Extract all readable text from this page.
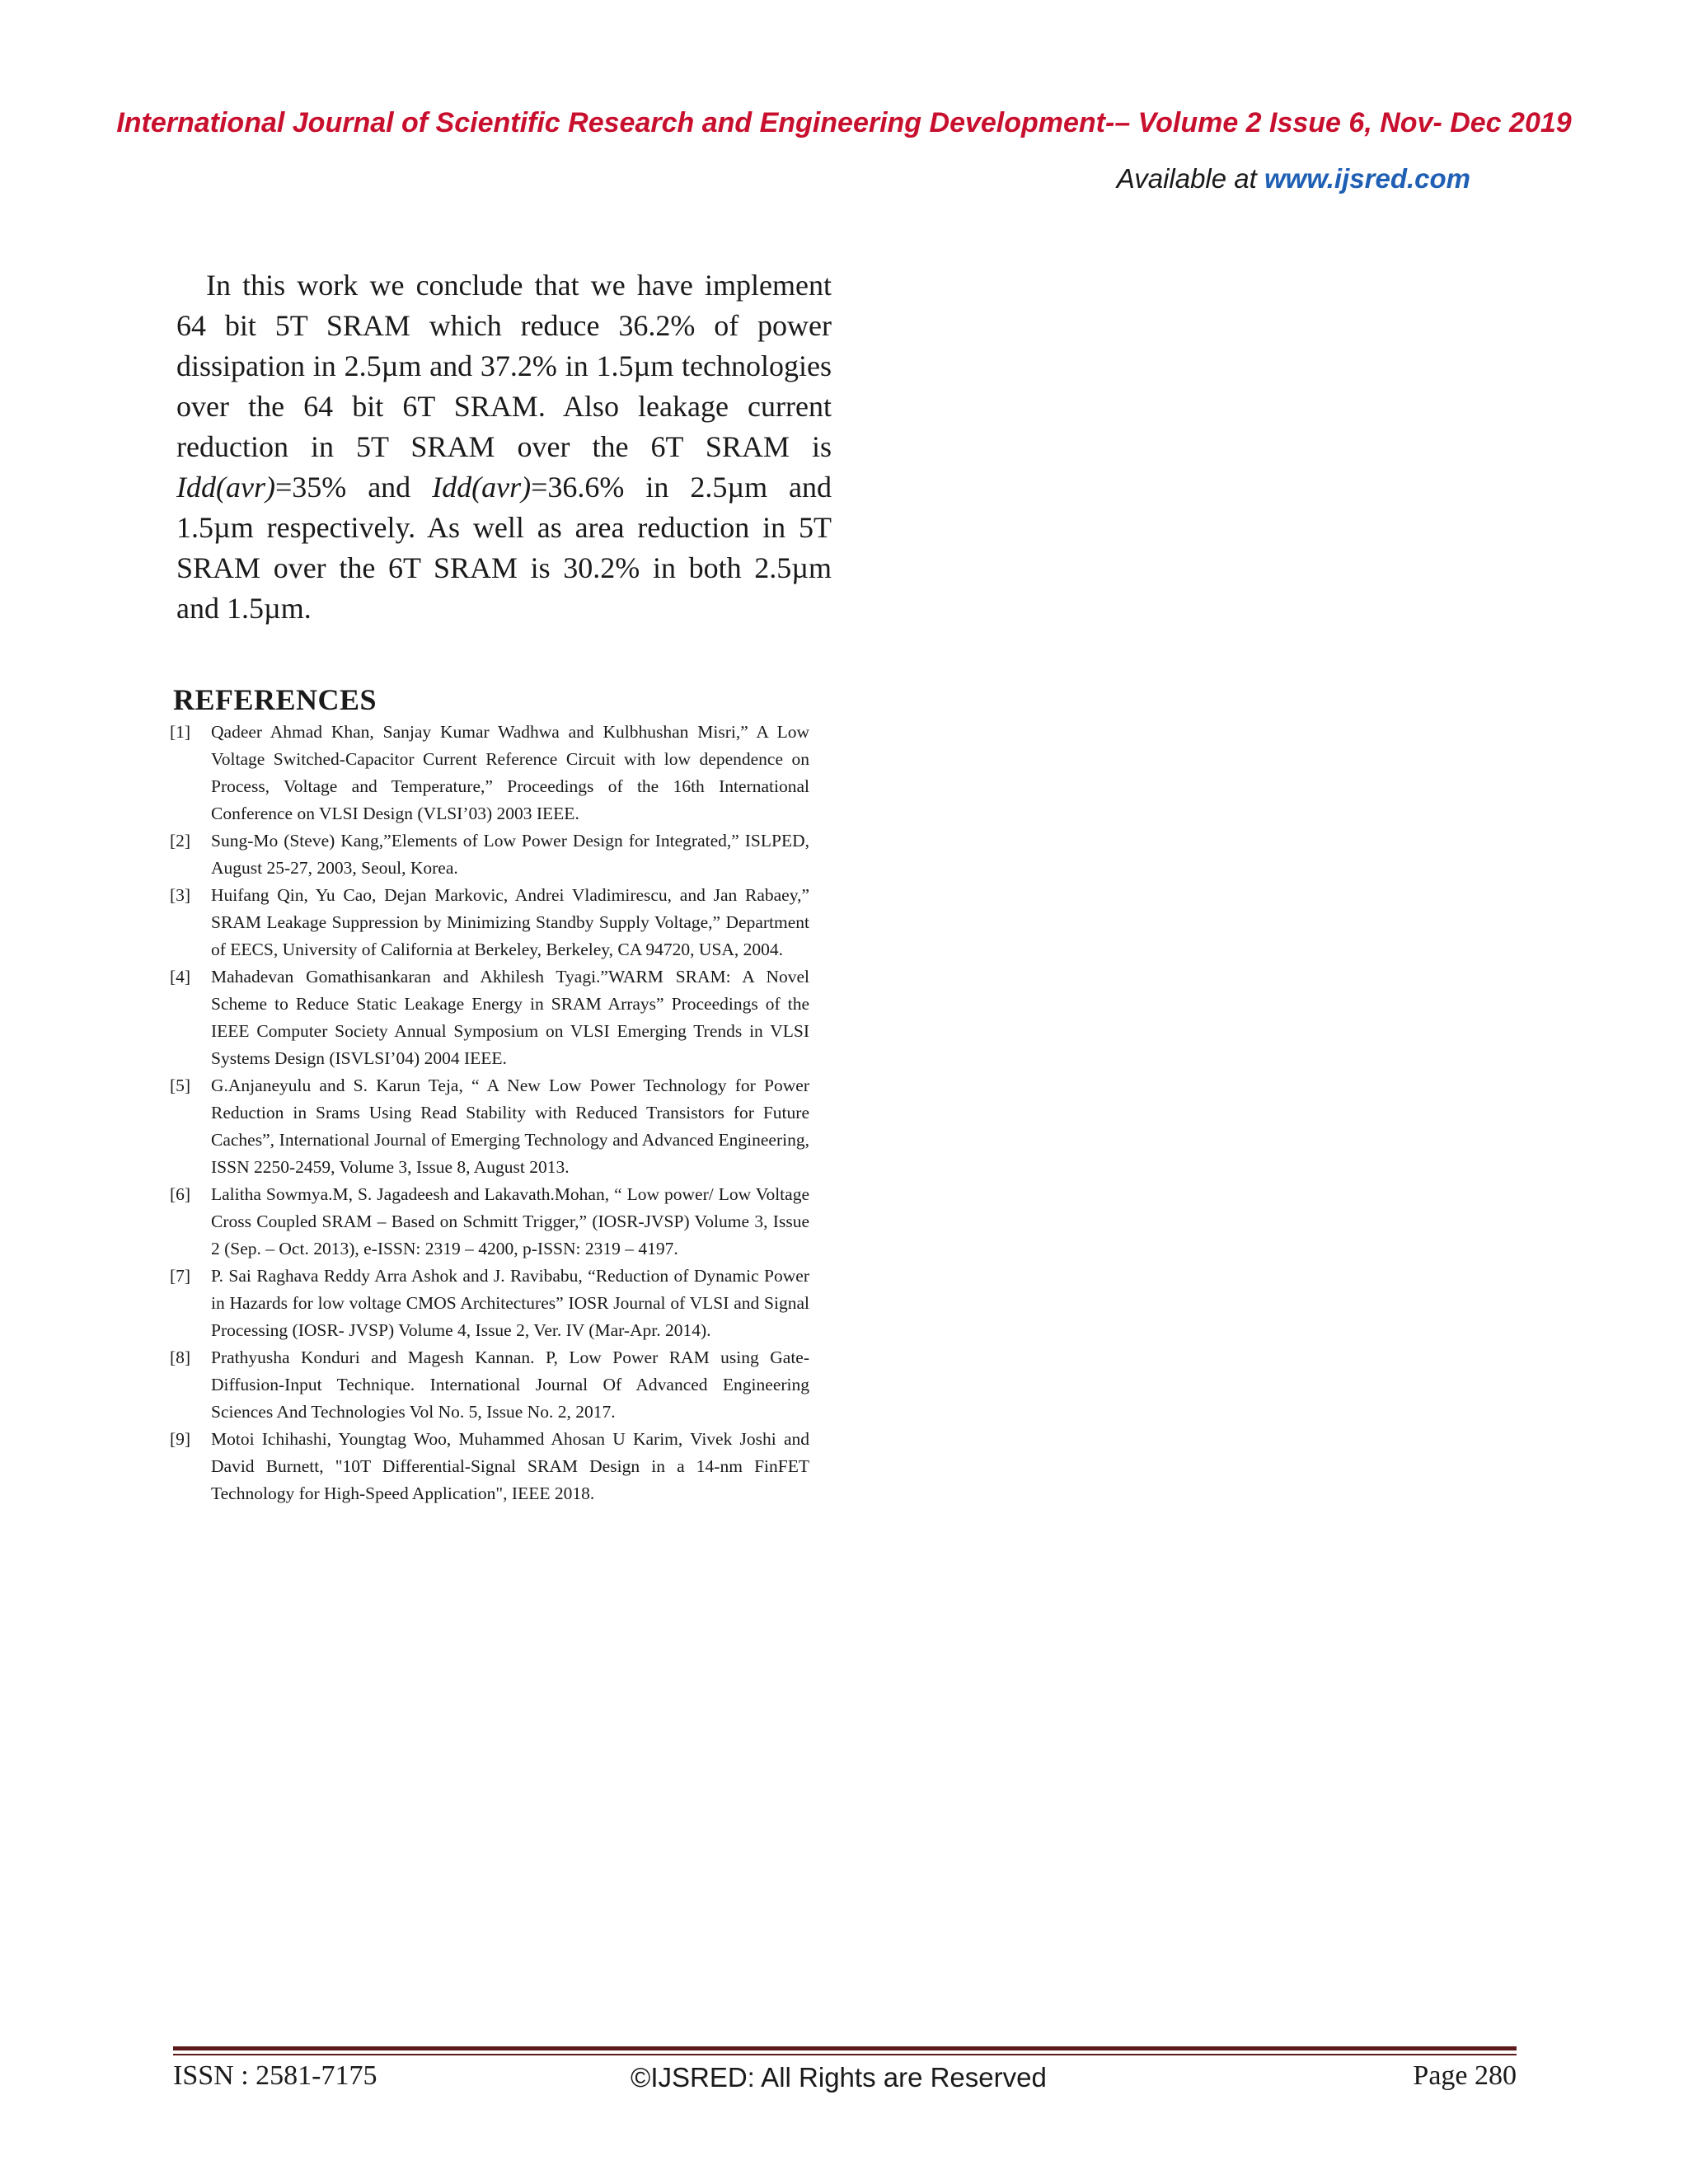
International Journal of Scientific Research and Engineering Development-– Volume 2 Issue 6, Nov- Dec 2019
Available at www.ijsred.com

In this work we conclude that we have implement 64 bit 5T SRAM which reduce 36.2% of power dissipation in 2.5µm and 37.2% in 1.5µm technologies over the 64 bit 6T SRAM. Also leakage current reduction in 5T SRAM over the 6T SRAM is Idd(avr)=35% and Idd(avr)=36.6% in 2.5µm and 1.5µm respectively. As well as area reduction in 5T SRAM over the 6T SRAM is 30.2% in both 2.5µm and 1.5µm.

REFERENCES
[1] Qadeer Ahmad Khan, Sanjay Kumar Wadhwa and Kulbhushan Misri,” A Low Voltage Switched-Capacitor Current Reference Circuit with low dependence on Process, Voltage and Temperature,” Proceedings of the 16th International Conference on VLSI Design (VLSI’03) 2003 IEEE.
[2] Sung-Mo (Steve) Kang,”Elements of Low Power Design for Integrated,” ISLPED, August 25-27, 2003, Seoul, Korea.
[3] Huifang Qin, Yu Cao, Dejan Markovic, Andrei Vladimirescu, and Jan Rabaey,” SRAM Leakage Suppression by Minimizing Standby Supply Voltage,” Department of EECS, University of California at Berkeley, Berkeley, CA 94720, USA, 2004.
[4] Mahadevan Gomathisankaran and Akhilesh Tyagi.”WARM SRAM: A Novel Scheme to Reduce Static Leakage Energy in SRAM Arrays” Proceedings of the IEEE Computer Society Annual Symposium on VLSI Emerging Trends in VLSI Systems Design (ISVLSI’04) 2004 IEEE.
[5] G.Anjaneyulu and S. Karun Teja, “ A New Low Power Technology for Power Reduction in Srams Using Read Stability with Reduced Transistors for Future Caches”, International Journal of Emerging Technology and Advanced Engineering, ISSN 2250-2459, Volume 3, Issue 8, August 2013.
[6] Lalitha Sowmya.M, S. Jagadeesh and Lakavath.Mohan, “ Low power/ Low Voltage Cross Coupled SRAM – Based on Schmitt Trigger,” (IOSR-JVSP) Volume 3, Issue 2 (Sep. – Oct. 2013), e-ISSN: 2319 – 4200, p-ISSN: 2319 – 4197.
[7] P. Sai Raghava Reddy Arra Ashok and J. Ravibabu, “Reduction of Dynamic Power in Hazards for low voltage CMOS Architectures” IOSR Journal of VLSI and Signal Processing (IOSR- JVSP) Volume 4, Issue 2, Ver. IV (Mar-Apr. 2014).
[8] Prathyusha Konduri and Magesh Kannan. P, Low Power RAM using Gate-Diffusion-Input Technique. International Journal Of Advanced Engineering Sciences And Technologies Vol No. 5, Issue No. 2, 2017.
[9] Motoi Ichihashi, Youngtag Woo, Muhammed Ahosan U Karim, Vivek Joshi and David Burnett, "10T Differential-Signal SRAM Design in a 14-nm FinFET Technology for High-Speed Application", IEEE 2018.
ISSN : 2581-7175	©IJSRED: All Rights are Reserved	Page 280
